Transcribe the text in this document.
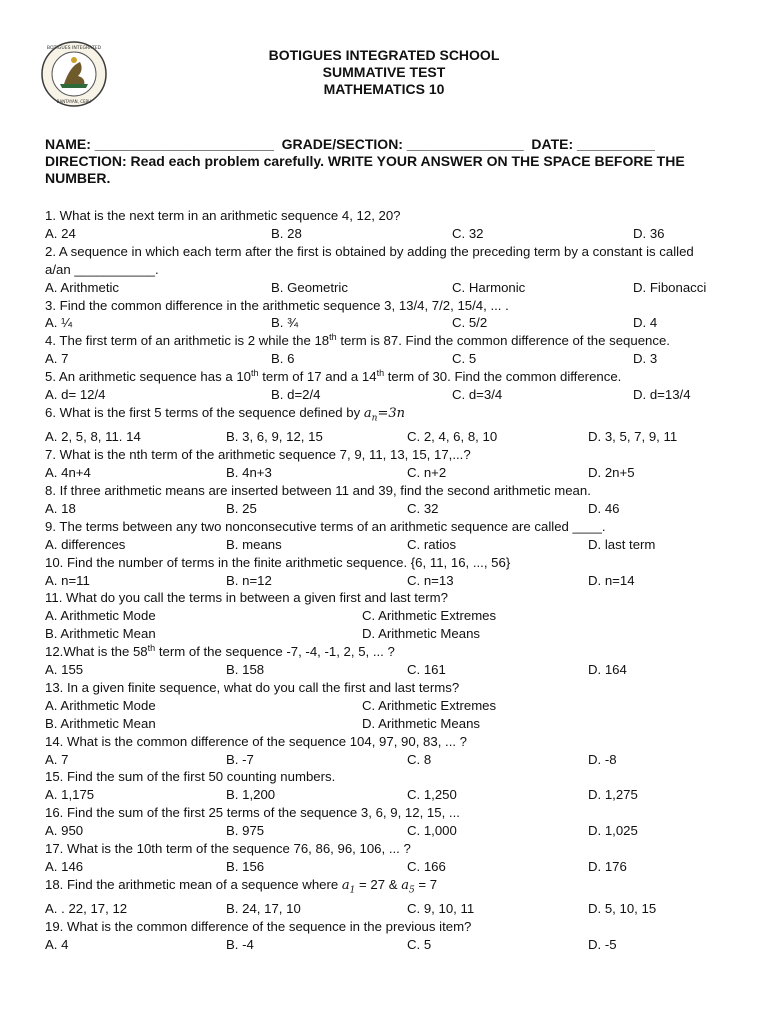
BOTIGUES INTEGRATED
BANTAYAN, CEBU
BOTIGUES INTEGRATED SCHOOL
SUMMATIVE TEST
MATHEMATICS 10
NAME: _______________________  GRADE/SECTION: _______________  DATE: __________
DIRECTION: Read each problem carefully. WRITE YOUR ANSWER ON THE SPACE BEFORE THE NUMBER.
1. What is the next term in an arithmetic sequence 4, 12, 20?
A. 24	B. 28	C. 32	D. 36
2. A sequence in which each term after the first is obtained by adding the preceding term by a constant is called a/an ___________.
A. Arithmetic	B. Geometric	C. Harmonic	D. Fibonacci
3. Find the common difference in the arithmetic sequence 3, 13/4, 7/2, 15/4, ... .
A. ¼	B. ¾	C. 5/2	D. 4
4. The first term of an arithmetic is 2 while the 18th term is 87. Find the common difference of the sequence.
A. 7	B. 6	C. 5	D. 3
5. An arithmetic sequence has a 10th term of 17 and a 14th term of 30. Find the common difference.
A. d= 12/4	B. d=2/4	C. d=3/4	D. d=13/4
6. What is the first 5 terms of the sequence defined by $a_n=3n$
A. 2, 5, 8, 11. 14	B. 3, 6, 9, 12, 15	C. 2, 4, 6, 8, 10	D. 3, 5, 7, 9, 11
7. What is the nth term of the arithmetic sequence 7, 9, 11, 13, 15, 17,...?
A. 4n+4	B. 4n+3	C. n+2	D. 2n+5
8. If three arithmetic means are inserted between 11 and 39, find the second arithmetic mean.
A. 18	B. 25	C. 32	D. 46
9. The terms between any two nonconsecutive terms of an arithmetic sequence are called ____.
A. differences	B. means	C. ratios	D. last term
10. Find the number of terms in the finite arithmetic sequence. {6, 11, 16, ..., 56}
A. n=11	B. n=12	C. n=13	D. n=14
11. What do you call the terms in between a given first and last term?
A. Arithmetic Mode	C. Arithmetic Extremes
B. Arithmetic Mean	D. Arithmetic Means
12.What is the 58th term of the sequence -7, -4, -1, 2, 5, ... ?
A. 155	B. 158	C. 161	D. 164
13. In a given finite sequence, what do you call the first and last terms?
A. Arithmetic Mode	C. Arithmetic Extremes
B. Arithmetic Mean	D. Arithmetic Means
14. What is the common difference of the sequence 104, 97, 90, 83, ... ?
A. 7	B. -7	C. 8	D. -8
15. Find the sum of the first 50 counting numbers.
A. 1,175	B. 1,200	C. 1,250	D. 1,275
16. Find the sum of the first 25 terms of the sequence 3, 6, 9, 12, 15, ...
A. 950	B. 975	C. 1,000	D. 1,025
17. What is the 10th term of the sequence 76, 86, 96, 106, ... ?
A. 146	B. 156	C. 166	D. 176
18. Find the arithmetic mean of a sequence where $a_1 = 27$ & $a_5 = 7$
A. . 22, 17, 12	B. 24, 17, 10	C. 9, 10, 11	D. 5, 10, 15
19. What is the common difference of the sequence in the previous item?
A. 4	B. -4	C. 5	D. -5
